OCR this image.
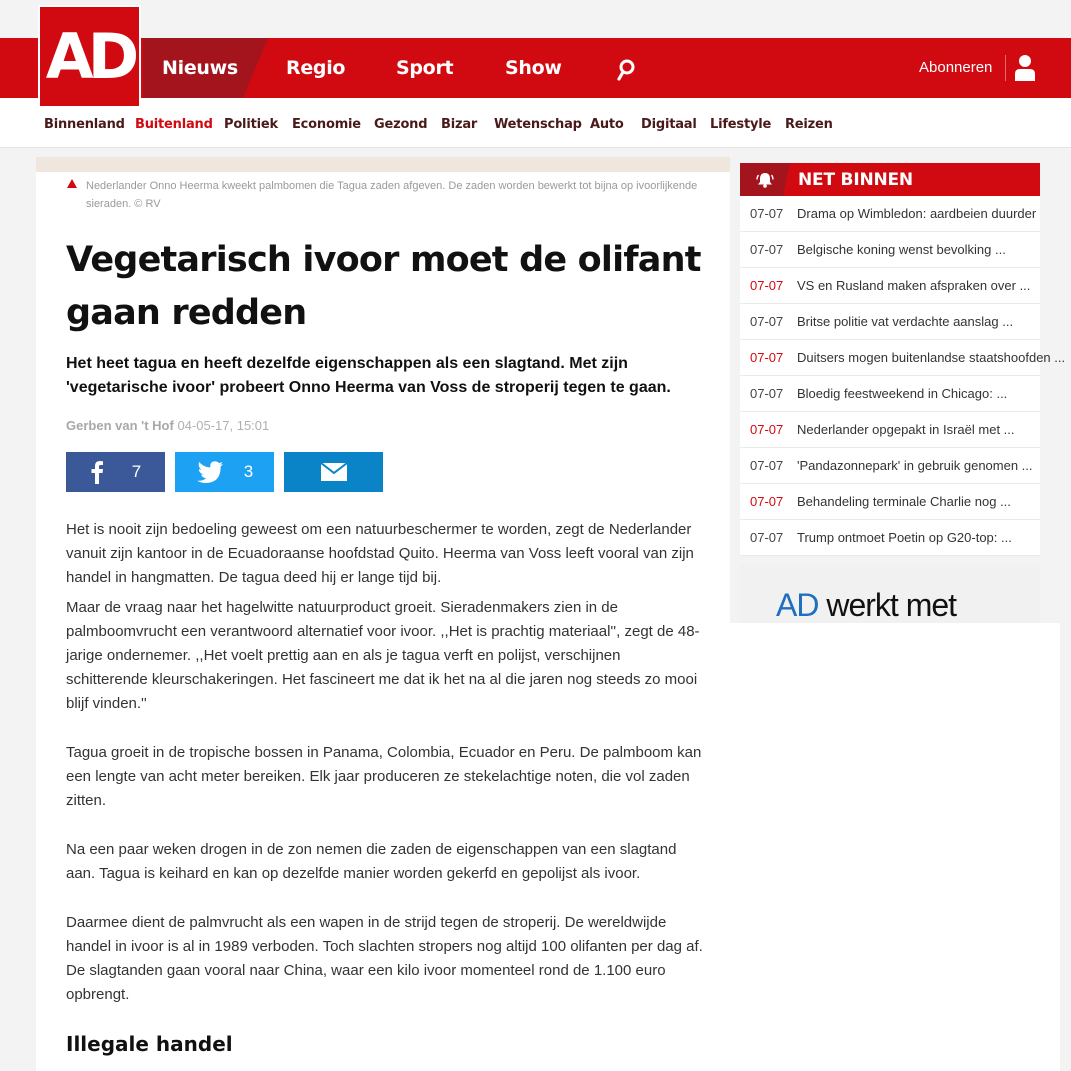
AD	Nieuws	Regio	Sport	Show	Abonneren
Binnenland Buitenland Politiek Economie Gezond Bizar Wetenschap Auto Digitaal Lifestyle Reizen
Nederlander Onno Heerma kweekt palmbomen die Tagua zaden afgeven. De zaden worden bewerkt tot bijna op ivoorlijkende sieraden. © RV
Vegetarisch ivoor moet de olifant gaan redden

Het heet tagua en heeft dezelfde eigenschappen als een slagtand. Met zijn 'vegetarische ivoor' probeert Onno Heerma van Voss de stroperij tegen te gaan.

Gerben van 't Hof 04-05-17, 15:01
7	3

Het is nooit zijn bedoeling geweest om een natuurbeschermer te worden, zegt de Nederlander vanuit zijn kantoor in de Ecuadoraanse hoofdstad Quito. Heerma van Voss leeft vooral van zijn handel in hangmatten. De tagua deed hij er lange tijd bij.

Maar de vraag naar het hagelwitte natuurproduct groeit. Sieradenmakers zien in de palmboomvrucht een verantwoord alternatief voor ivoor. ,,Het is prachtig materiaal'', zegt de 48-jarige ondernemer. ,,Het voelt prettig aan en als je tagua verft en polijst, verschijnen schitterende kleurschakeringen. Het fascineert me dat ik het na al die jaren nog steeds zo mooi blijf vinden.''

Tagua groeit in de tropische bossen in Panama, Colombia, Ecuador en Peru. De palmboom kan een lengte van acht meter bereiken. Elk jaar produceren ze stekelachtige noten, die vol zaden zitten.

Na een paar weken drogen in de zon nemen die zaden de eigenschappen van een slagtand aan. Tagua is keihard en kan op dezelfde manier worden gekerfd en gepolijst als ivoor.

Daarmee dient de palmvrucht als een wapen in de strijd tegen de stroperij. De wereldwijde handel in ivoor is al in 1989 verboden. Toch slachten stropers nog altijd 100 olifanten per dag af. De slagtanden gaan vooral naar China, waar een kilo ivoor momenteel rond de 1.100 euro opbrengt.

Illegale handel
NET BINNEN
07-07	Drama op Wimbledon: aardbeien duurder
07-07	Belgische koning wenst bevolking ...
07-07	VS en Rusland maken afspraken over ...
07-07	Britse politie vat verdachte aanslag ...
07-07	Duitsers mogen buitenlandse staatshoofden ...
07-07	Bloedig feestweekend in Chicago: ...
07-07	Nederlander opgepakt in Israël met ...
07-07	'Pandazonnepark' in gebruik genomen ...
07-07	Behandeling terminale Charlie nog ...
07-07	Trump ontmoet Poetin op G20-top: ...
AD werkt met
